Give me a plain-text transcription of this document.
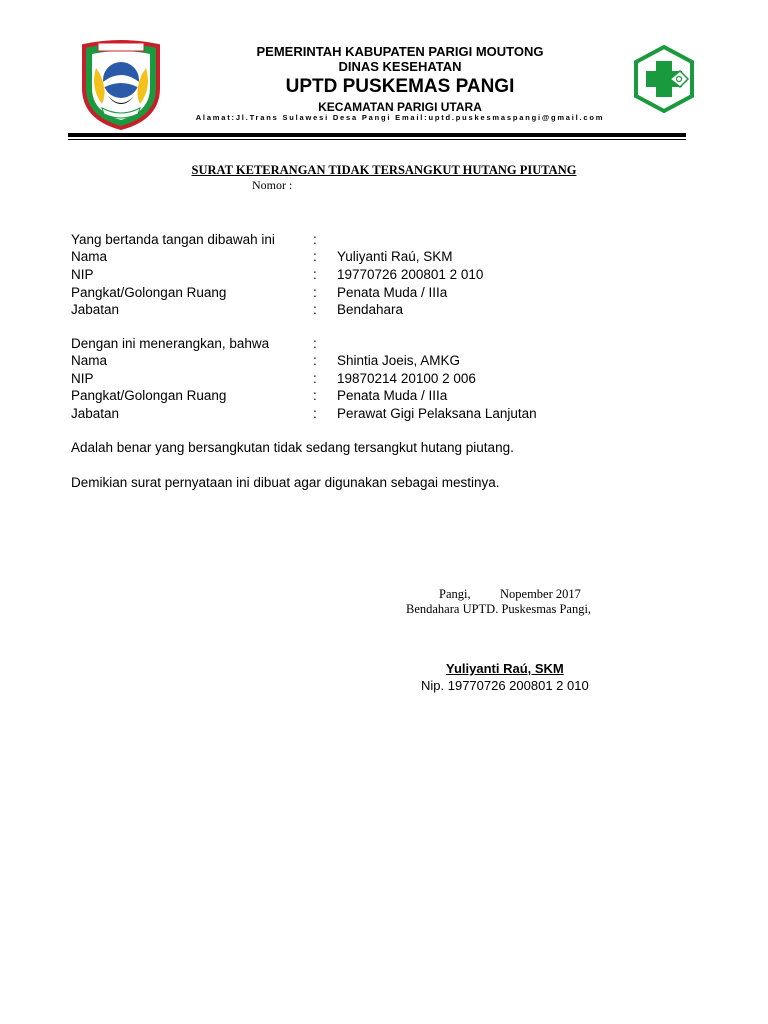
PEMERINTAH KABUPATEN PARIGI MOUTONG
DINAS KESEHATAN
UPTD PUSKEMAS PANGI
KECAMATAN PARIGI UTARA
Alamat:Jl.Trans Sulawesi Desa Pangi Email:uptd.puskesmaspangi@gmail.com
SURAT KETERANGAN TIDAK TERSANGKUT HUTANG PIUTANG
Nomor :
Yang bertanda tangan dibawah ini	:
Nama	: Yuliyanti Raú, SKM
NIP	: 19770726 200801 2 010
Pangkat/Golongan Ruang	: Penata Muda / IIIa
Jabatan	: Bendahara
Dengan ini menerangkan, bahwa	:
Nama	: Shintia Joeis, AMKG
NIP	: 19870214 20100 2 006
Pangkat/Golongan Ruang	: Penata Muda / IIIa
Jabatan	: Perawat Gigi Pelaksana Lanjutan
Adalah benar yang bersangkutan tidak sedang tersangkut hutang piutang.
Demikian surat pernyataan ini dibuat agar digunakan sebagai mestinya.
Pangi, Nopember 2017
Bendahara UPTD. Puskesmas Pangi,
Yuliyanti Raú, SKM
Nip. 19770726 200801 2 010
